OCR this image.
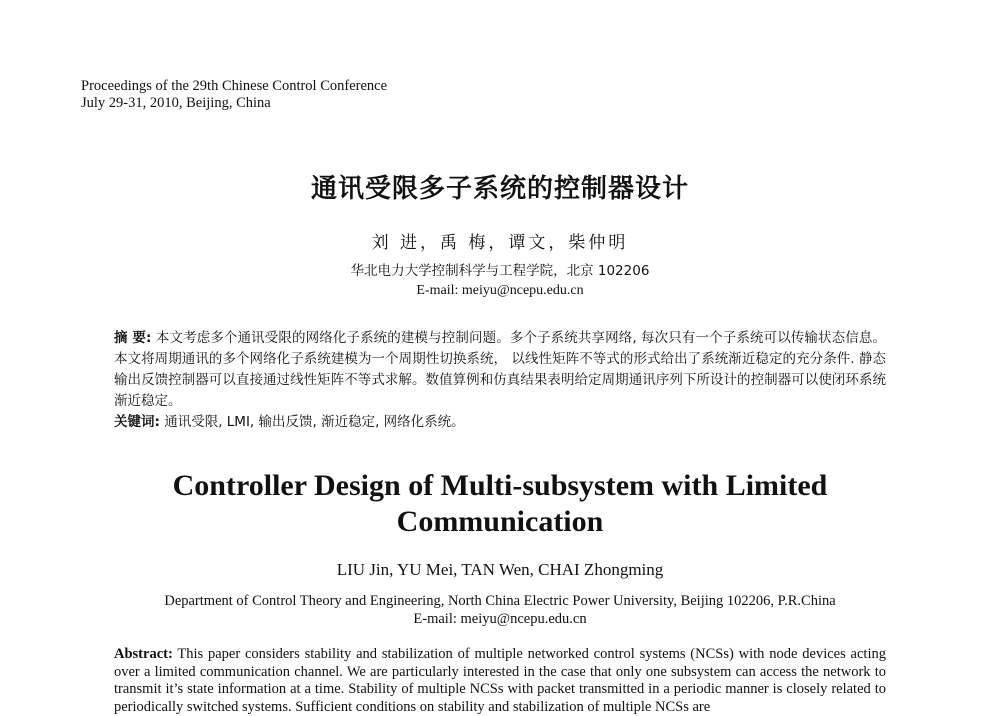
Proceedings of the 29th Chinese Control Conference
July 29-31, 2010, Beijing, China
通讯受限多子系统的控制器设计
刘 进，禹 梅，谭文，柴仲明
华北电力大学控制科学与工程学院，北京 102206
E-mail: meiyu@ncepu.edu.cn
摘 要: 本文考虑多个通讯受限的网络化子系统的建模与控制问题。多个子系统共享网络, 每次只有一个子系统可以传输状态信息。本文将周期通讯的多个网络化子系统建模为一个周期性切换系统， 以线性矩阵不等式的形式给出了系统渐近稳定的充分条件. 静态输出反馈控制器可以直接通过线性矩阵不等式求解。数值算例和仿真结果表明给定周期通讯序列下所设计的控制器可以使闭环系统渐近稳定。
关键词: 通讯受限, LMI, 输出反馈, 渐近稳定, 网络化系统。
Controller Design of Multi-subsystem with Limited
Communication
LIU Jin, YU Mei, TAN Wen, CHAI Zhongming
Department of Control Theory and Engineering, North China Electric Power University, Beijing 102206, P.R.China
E-mail: meiyu@ncepu.edu.cn
Abstract: This paper considers stability and stabilization of multiple networked control systems (NCSs) with node devices acting over a limited communication channel. We are particularly interested in the case that only one subsystem can access the network to transmit it’s state information at a time. Stability of multiple NCSs with packet transmitted in a periodic manner is closely related to periodically switched systems. Sufficient conditions on stability and stabilization of multiple NCSs are
